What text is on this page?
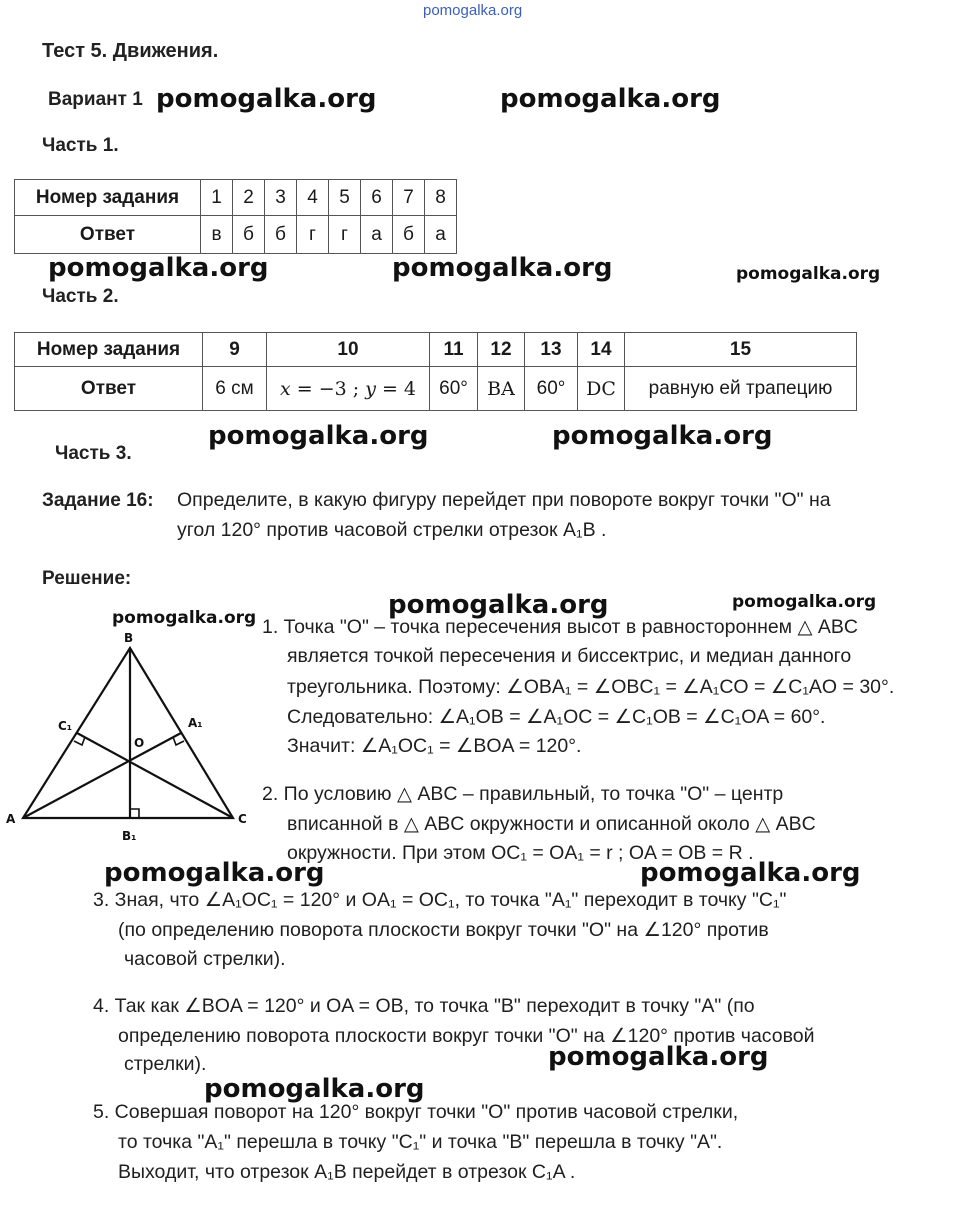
pomogalka.org
Тест 5. Движения.
Вариант 1 pomogalka.org	pomogalka.org
pomogalka.org	pomogalka.org	pomogalka.org
pomogalka.org	pomogalka.org
pomogalka.org	pomogalka.org	pomogalka.org
pomogalka.org	pomogalka.org
pomogalka.org
pomogalka.org
Часть 1.
Номер задания	1	2	3	4	5	6	7	8
Ответ	в	б	б	г	г	а	б	а
Часть 2.
Номер задания	9	10	11	12	13	14	15
Ответ	6 см	𝑥 = −3 ; 𝑦 = 4	60°	BA	60°	DC	равную ей трапецию
Часть 3.
Задание 16: Определите, в какую фигуру перейдет при повороте вокруг точки "O" на
угол 120° против часовой стрелки отрезок A₁B .
Решение:
B
A	C
O
A₁
C₁
B₁
1. Точка "O" – точка пересечения высот в равностороннем △ ABC
является точкой пересечения и биссектрис, и медиан данного
треугольника. Поэтому: ∠OBA₁ = ∠OBC₁ = ∠A₁CO = ∠C₁AO = 30°.
Следовательно: ∠A₁OB = ∠A₁OC = ∠C₁OB = ∠C₁OA = 60°.
Значит: ∠A₁OC₁ = ∠BOA = 120°.
2. По условию △ ABC – правильный, то точка "O" – центр
вписанной в △ ABC окружности и описанной около △ ABC
окружности. При этом OC₁ = OA₁ = r ; OA = OB = R .
3. Зная, что ∠A₁OC₁ = 120° и OA₁ = OC₁, то точка "A₁" переходит в точку "C₁"
(по определению поворота плоскости вокруг точки "O" на ∠120° против
часовой стрелки).
4. Так как ∠BOA = 120° и OA = OB, то точка "B" переходит в точку "A" (по
определению поворота плоскости вокруг точки "O" на ∠120° против часовой
стрелки).
5. Совершая поворот на 120° вокруг точки "O" против часовой стрелки,
то точка "A₁" перешла в точку "C₁" и точка "B" перешла в точку "A".
Выходит, что отрезок A₁B перейдет в отрезок C₁A .
